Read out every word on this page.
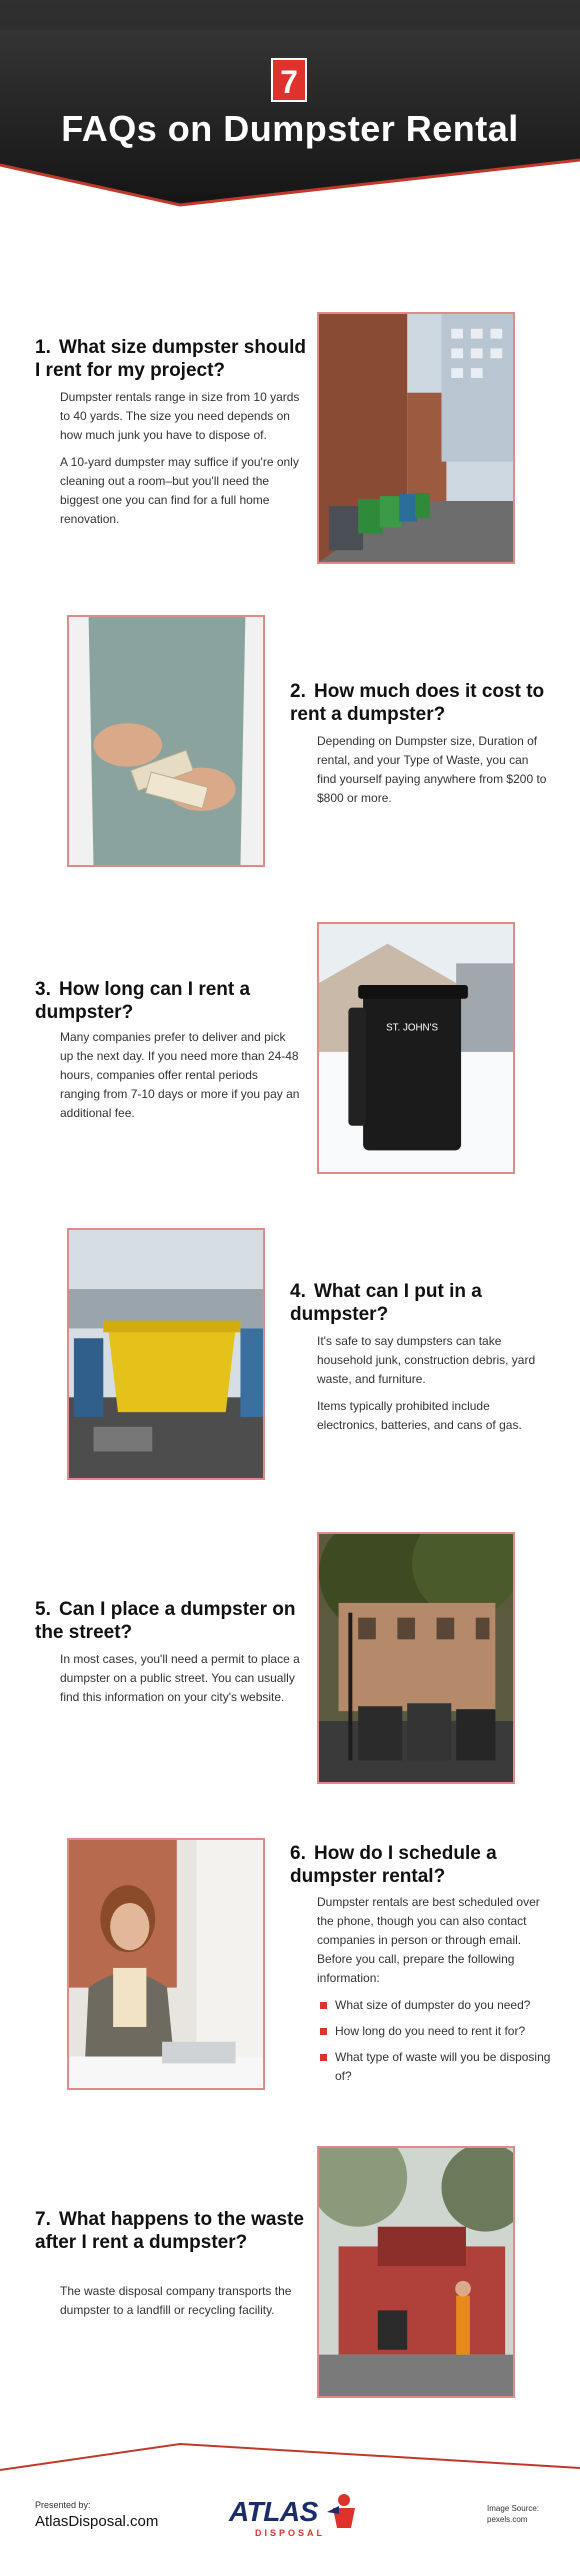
7
FAQs on Dumpster Rental
1. What size dumpster should I rent for my project?

Dumpster rentals range in size from 10 yards to 40 yards. The size you need depends on how much junk you have to dispose of.

A 10-yard dumpster may suffice if you're only cleaning out a room–but you'll need the biggest one you can find for a full home renovation.

2. How much does it cost to rent a dumpster?

Depending on Dumpster size, Duration of rental, and your Type of Waste, you can find yourself paying anywhere from $200 to $800 or more.

3. How long can I rent a dumpster?

Many companies prefer to deliver and pick up the next day. If you need more than 24-48 hours, companies offer rental periods ranging from 7-10 days or more if you pay an additional fee.

ST. JOHN'S
4. What can I put in a dumpster?

It's safe to say dumpsters can take household junk, construction debris, yard waste, and furniture.

Items typically prohibited include electronics, batteries, and cans of gas.

5. Can I place a dumpster on the street?

In most cases, you'll need a permit to place a dumpster on a public street. You can usually find this information on your city's website.

6. How do I schedule a dumpster rental?

Dumpster rentals are best scheduled over the phone, though you can also contact companies in person or through email. Before you call, prepare the following information:

What size of dumpster do you need?
How long do you need to rent it for?
What type of waste will you be disposing of?
7. What happens to the waste after I rent a dumpster?

The waste disposal company transports the dumpster to a landfill or recycling facility.

Presented by:
AtlasDisposal.com	ATLAS
DISPOSAL
Image Source:
pexels.com
